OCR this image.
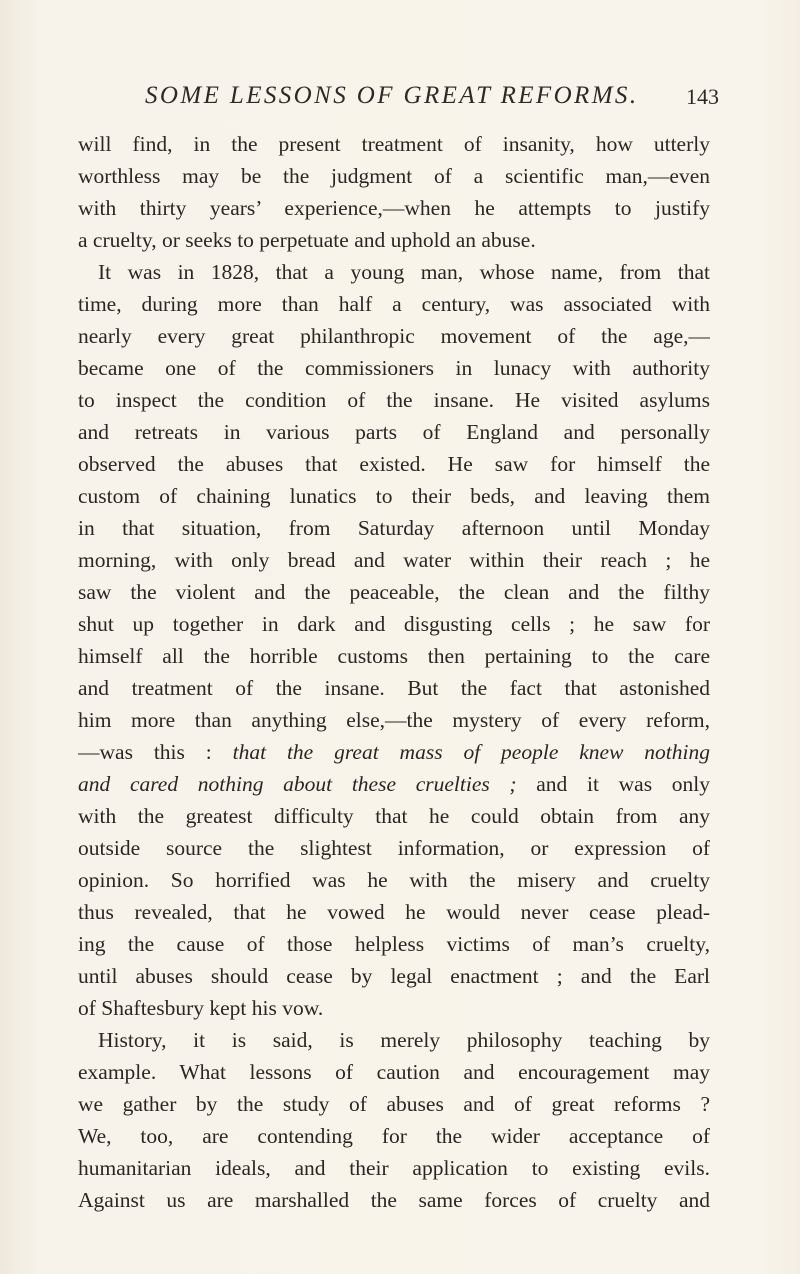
SOME LESSONS OF GREAT REFORMS. 143
will find, in the present treatment of insanity, how utterly
worthless may be the judgment of a scientific man,—even
with thirty years’ experience,—when he attempts to justify
a cruelty, or seeks to perpetuate and uphold an abuse.
It was in 1828, that a young man, whose name, from that
time, during more than half a century, was associated with
nearly every great philanthropic movement of the age,—
became one of the commissioners in lunacy with authority
to inspect the condition of the insane. He visited asylums
and retreats in various parts of England and personally
observed the abuses that existed. He saw for himself the
custom of chaining lunatics to their beds, and leaving them
in that situation, from Saturday afternoon until Monday
morning, with only bread and water within their reach ; he
saw the violent and the peaceable, the clean and the filthy
shut up together in dark and disgusting cells ; he saw for
himself all the horrible customs then pertaining to the care
and treatment of the insane. But the fact that astonished
him more than anything else,—the mystery of every reform,
—was this : that the great mass of people knew nothing
and cared nothing about these cruelties ; and it was only
with the greatest difficulty that he could obtain from any
outside source the slightest information, or expression of
opinion. So horrified was he with the misery and cruelty
thus revealed, that he vowed he would never cease plead-
ing the cause of those helpless victims of man’s cruelty,
until abuses should cease by legal enactment ; and the Earl
of Shaftesbury kept his vow.
History, it is said, is merely philosophy teaching by
example. What lessons of caution and encouragement may
we gather by the study of abuses and of great reforms ?
We, too, are contending for the wider acceptance of
humanitarian ideals, and their application to existing evils.
Against us are marshalled the same forces of cruelty and
